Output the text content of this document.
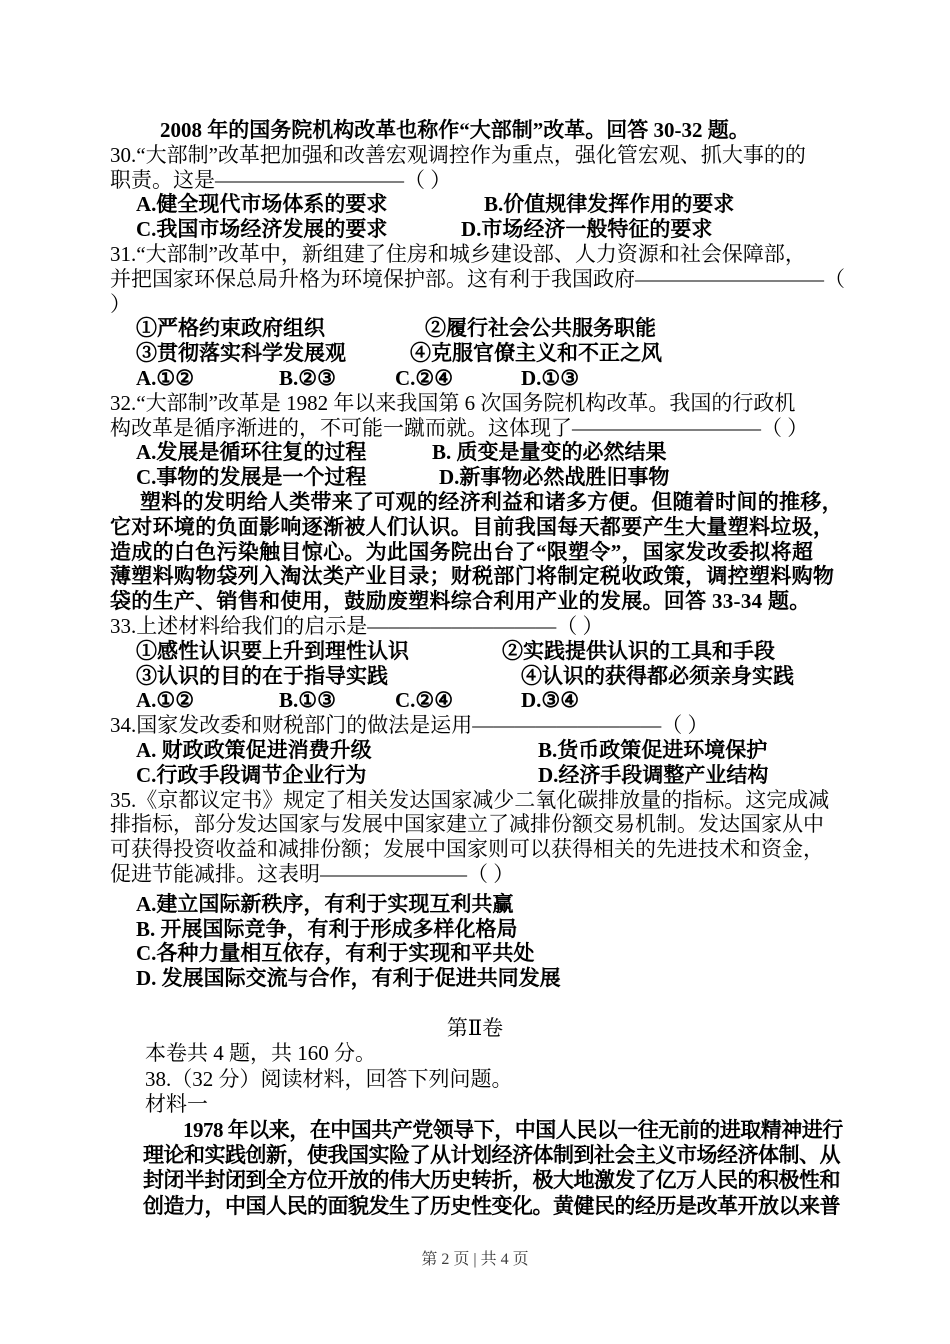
2008 年的国务院机构改革也称作“大部制”改革。回答 30-32 题。
30.“大部制”改革把加强和改善宏观调控作为重点，强化管宏观、抓大事的的
职责。这是—————————（ ）
A.健全现代市场体系的要求	B.价值规律发挥作用的要求
C.我国市场经济发展的要求	D.市场经济一般特征的要求
31.“大部制”改革中，新组建了住房和城乡建设部、人力资源和社会保障部，
并把国家环保总局升格为环境保护部。这有利于我国政府—————————（
）
①严格约束政府组织	②履行社会公共服务职能
③贯彻落实科学发展观	④克服官僚主义和不正之风
A.①②	B.②③	C.②④	D.①③
32.“大部制”改革是 1982 年以来我国第 6 次国务院机构改革。我国的行政机
构改革是循序渐进的，不可能一蹴而就。这体现了—————————（ ）
A.发展是循环往复的过程	B. 质变是量变的必然结果
C.事物的发展是一个过程	D.新事物必然战胜旧事物
塑料的发明给人类带来了可观的经济利益和诸多方便。但随着时间的推移，
它对环境的负面影响逐渐被人们认识。目前我国每天都要产生大量塑料垃圾，
造成的白色污染触目惊心。为此国务院出台了“限塑令”，国家发改委拟将超
薄塑料购物袋列入淘汰类产业目录；财税部门将制定税收政策，调控塑料购物
袋的生产、销售和使用，鼓励废塑料综合利用产业的发展。回答 33-34 题。
33.上述材料给我们的启示是—————————（ ）
①感性认识要上升到理性认识	②实践提供认识的工具和手段
③认识的目的在于指导实践	④认识的获得都必须亲身实践
A.①②	B.①③	C.②④	D.③④
34.国家发改委和财税部门的做法是运用—————————（ ）
A. 财政政策促进消费升级	B.货币政策促进环境保护
C.行政手段调节企业行为	D.经济手段调整产业结构
35.《京都议定书》规定了相关发达国家减少二氧化碳排放量的指标。这完成减
排指标，部分发达国家与发展中国家建立了减排份额交易机制。发达国家从中
可获得投资收益和减排份额；发展中国家则可以获得相关的先进技术和资金，
促进节能减排。这表明———————（ ）
A.建立国际新秩序，有利于实现互利共赢
B. 开展国际竞争，有利于形成多样化格局
C.各种力量相互依存，有利于实现和平共处
D. 发展国际交流与合作，有利于促进共同发展
第Ⅱ卷
本卷共 4 题，共 160 分。
38.（32 分）阅读材料，回答下列问题。
材料一
1978 年以来，在中国共产党领导下，中国人民以一往无前的进取精神进行
理论和实践创新，使我国实险了从计划经济体制到社会主义市场经济体制、从
封闭半封闭到全方位开放的伟大历史转折，极大地激发了亿万人民的积极性和
创造力，中国人民的面貌发生了历史性变化。黄健民的经历是改革开放以来普
第 2 页 | 共 4 页
